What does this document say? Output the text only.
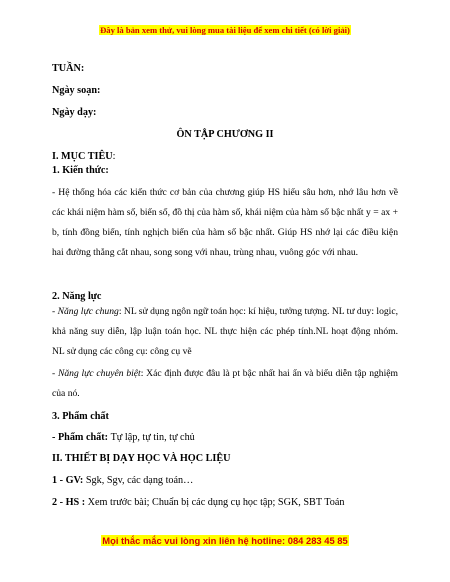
Đây là bản xem thử, vui lòng mua tài liệu để xem chi tiết (có lời giải)
TUẦN:
Ngày soạn:
Ngày dạy:
ÔN TẬP CHƯƠNG II
I. MỤC TIÊU:
1. Kiến thức:
- Hệ thống hóa các kiến thức cơ bản của chương giúp HS hiểu sâu hơn, nhớ lâu hơn về các khái niệm hàm số, biến số, đồ thị của hàm số, khái niệm của hàm số bậc nhất y = ax + b, tính đồng biến, tính nghịch biến của hàm số bậc nhất. Giúp HS nhớ lại các điều kiện hai đường thẳng cắt nhau, song song với nhau, trùng nhau, vuông góc với nhau.
2. Năng lực
- Năng lực chung: NL sử dụng ngôn ngữ toán học: kí hiệu, tưởng tượng. NL tư duy: logic, khả năng suy diễn, lập luận toán học. NL thực hiện các phép tính.NL hoạt động nhóm. NL sử dụng các công cụ: công cụ vẽ
- Năng lực chuyên biệt: Xác định được đâu là pt bậc nhất hai ẩn và biểu diễn tập nghiệm của nó.
3. Phẩm chất
- Phẩm chất: Tự lập, tự tin, tự chủ
II. THIẾT BỊ DẠY HỌC VÀ HỌC LIỆU
1 - GV: Sgk, Sgv, các dạng toán…
2 - HS : Xem trước bài; Chuẩn bị các dụng cụ học tập; SGK, SBT Toán
Mọi thắc mắc vui lòng xin liên hệ hotline: 084 283 45 85
